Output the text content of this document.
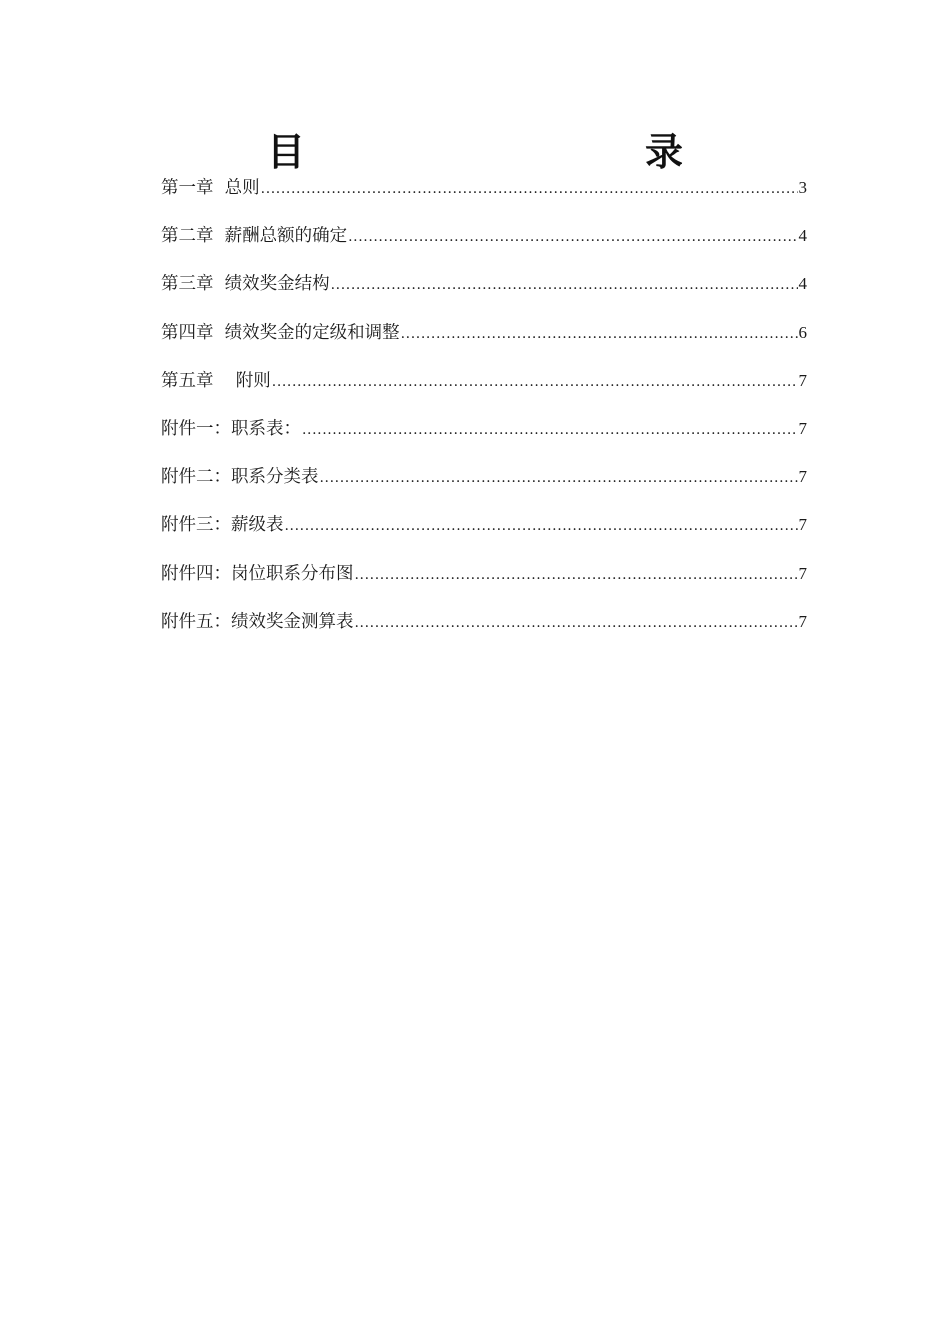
目　　录
第一章  总则 .....	3
第二章  薪酬总额的确定 .....	4
第三章  绩效奖金结构 .....	4
第四章  绩效奖金的定级和调整 .....	6
第五章    附则 .....	7
附件一：职系表： .....	7
附件二：职系分类表 .....	7
附件三：薪级表 .....	7
附件四：岗位职系分布图 .....	7
附件五：绩效奖金测算表 .....	7
